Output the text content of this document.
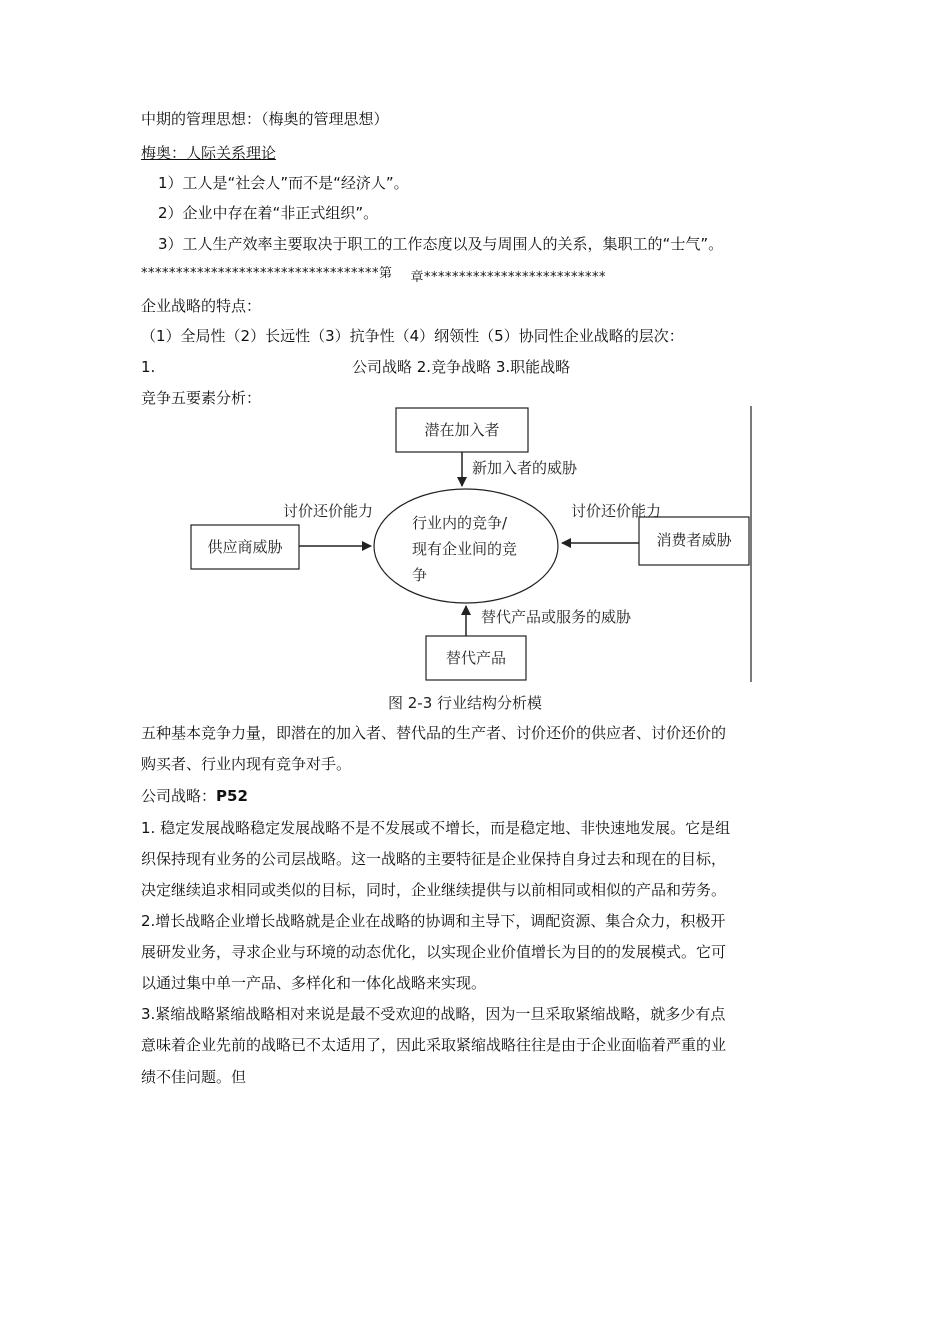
中期的管理思想：（梅奥的管理思想）
梅奥：人际关系理论
1）工人是“社会人”而不是“经济人”。
2）企业中存在着“非正式组织”。
3）工人生产效率主要取决于职工的工作态度以及与周围人的关系，集职工的“士气”。
**********************************第 章**************************
企业战略的特点：
（1）全局性（2）长远性（3）抗争性（4）纲领性（5）协同性企业战略的层次：
1.	公司战略 2.竞争战略 3.职能战略
竞争五要素分析：
潜在加入者
新加入者的威胁
行业内的竞争/
现有企业间的竞
争
供应商威胁
讨价还价能力
消费者威胁
讨价还价能力
替代产品
替代产品或服务的威胁
图 2-3 行业结构分析模
五种基本竞争力量，即潜在的加入者、替代品的生产者、讨价还价的供应者、讨价还价的
购买者、行业内现有竞争对手。
公司战略：P52
1. 稳定发展战略稳定发展战略不是不发展或不增长，而是稳定地、非快速地发展。它是组
织保持现有业务的公司层战略。这一战略的主要特征是企业保持自身过去和现在的目标，
决定继续追求相同或类似的目标，同时，企业继续提供与以前相同或相似的产品和劳务。
2.增长战略企业增长战略就是企业在战略的协调和主导下，调配资源、集合众力，积极开
展研发业务，寻求企业与环境的动态优化，以实现企业价值增长为目的的发展模式。它可
以通过集中单一产品、多样化和一体化战略来实现。
3.紧缩战略紧缩战略相对来说是最不受欢迎的战略，因为一旦采取紧缩战略，就多少有点
意味着企业先前的战略已不太适用了，因此采取紧缩战略往往是由于企业面临着严重的业
绩不佳问题。但
